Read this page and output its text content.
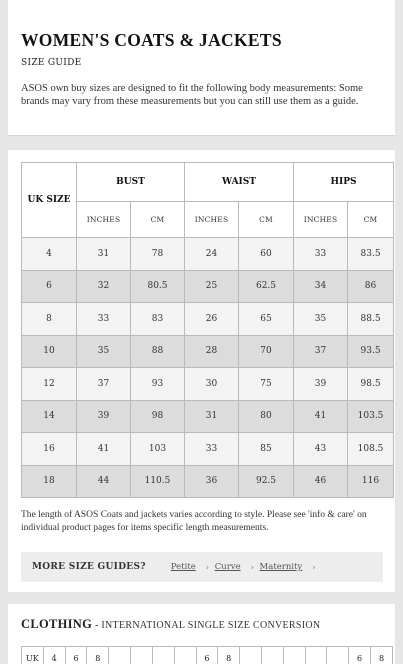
WOMEN'S COATS & JACKETS
SIZE GUIDE
ASOS own buy sizes are designed to fit the following body measurements: Some brands may vary from these measurements but you can still use them as a guide.
UK SIZE	BUST		WAIST		HIPS	
	INCHES	CM	INCHES	CM	INCHES	CM
4	31	78	24	60	33	83.5
6	32	80.5	25	62.5	34	86
8	33	83	26	65	35	88.5
10	35	88	28	70	37	93.5
12	37	93	30	75	39	98.5
14	39	98	31	80	41	103.5
16	41	103	33	85	43	108.5
18	44	110.5	36	92.5	46	116
The length of ASOS Coats and jackets varies according to style. Please see 'info & care' on individual product pages for items specific length measurements.
MORE SIZE GUIDES?	Petite ›
Curve ›
Maternity ›
CLOTHING - INTERNATIONAL SINGLE SIZE CONVERSION
UK	4	6	8					6	8						6	8
